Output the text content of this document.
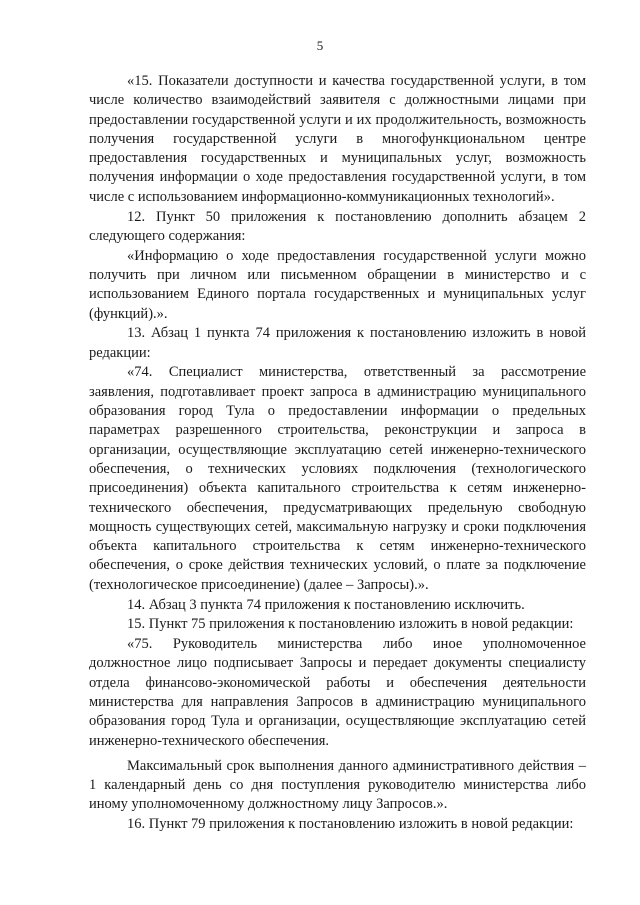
5

«15. Показатели доступности и качества государственной услуги, в том числе количество взаимодействий заявителя с должностными лицами при предоставлении государственной услуги и их продолжительность, возможность получения государственной услуги в многофункциональном центре предоставления государственных и муниципальных услуг, возможность получения информации о ходе предоставления государственной услуги, в том числе с использованием информационно-коммуникационных технологий».

12. Пункт 50 приложения к постановлению дополнить абзацем 2 следующего содержания:

«Информацию о ходе предоставления государственной услуги можно получить при личном или письменном обращении в министерство и с использованием Единого портала государственных и муниципальных услуг (функций).».

13. Абзац 1 пункта 74 приложения к постановлению изложить в новой редакции:

«74. Специалист министерства, ответственный за рассмотрение заявления, подготавливает проект запроса в администрацию муниципального образования город Тула о предоставлении информации о предельных параметрах разрешенного строительства, реконструкции и запроса в организации, осуществляющие эксплуатацию сетей инженерно-технического обеспечения, о технических условиях подключения (технологического присоединения) объекта капитального строительства к сетям инженерно-технического обеспечения, предусматривающих предельную свободную мощность существующих сетей, максимальную нагрузку и сроки подключения объекта капитального строительства к сетям инженерно-технического обеспечения, о сроке действия технических условий, о плате за подключение (технологическое присоединение) (далее – Запросы).».

14. Абзац 3 пункта 74 приложения к постановлению исключить.

15. Пункт 75 приложения к постановлению изложить в новой редакции:

«75. Руководитель министерства либо иное уполномоченное должностное лицо подписывает Запросы и передает документы специалисту отдела финансово-экономической работы и обеспечения деятельности министерства для направления Запросов в администрацию муниципального образования город Тула и организации, осуществляющие эксплуатацию сетей инженерно-технического обеспечения.

Максимальный срок выполнения данного административного действия – 1 календарный день со дня поступления руководителю министерства либо иному уполномоченному должностному лицу Запросов.».

16. Пункт 79 приложения к постановлению изложить в новой редакции:
